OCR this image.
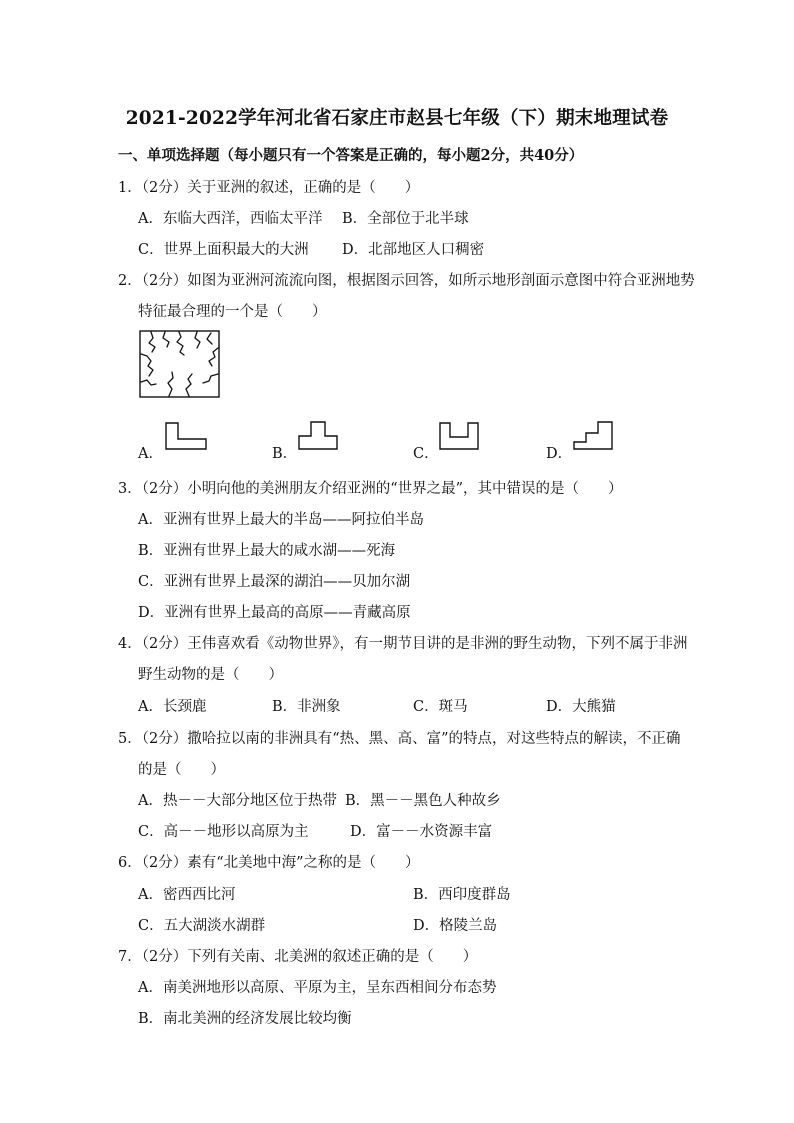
2021-2022学年河北省石家庄市赵县七年级（下）期末地理试卷
一、单项选择题（每小题只有一个答案是正确的，每小题2分，共40分）
1．（2分）关于亚洲的叙述，正确的是（　　）
A．东临大西洋，西临太平洋 B．全部位于北半球
C．世界上面积最大的大洲 D．北部地区人口稠密
2．（2分）如图为亚洲河流流向图，根据图示回答，如所示地形剖面示意图中符合亚洲地势
特征最合理的一个是（　　）
A．	B．	C．	D．
3．（2分）小明向他的美洲朋友介绍亚洲的“世界之最”，其中错误的是（　　）
A．亚洲有世界上最大的半岛——阿拉伯半岛
B．亚洲有世界上最大的咸水湖——死海
C．亚洲有世界上最深的湖泊——贝加尔湖
D．亚洲有世界上最高的高原——青藏高原
4．（2分）王伟喜欢看《动物世界》，有一期节目讲的是非洲的野生动物，下列不属于非洲
野生动物的是（　　）
A．长颈鹿	B．非洲象	C．斑马	D．大熊猫
5．（2分）撒哈拉以南的非洲具有“热、黑、高、富”的特点，对这些特点的解读，不正确
的是（　　）
A．热－－大部分地区位于热带 B．黑－－黑色人种故乡
C．高－－地形以高原为主	D．富－－水资源丰富
6．（2分）素有“北美地中海”之称的是（　　）
A．密西西比河	B．西印度群岛
C．五大湖淡水湖群	D．格陵兰岛
7．（2分）下列有关南、北美洲的叙述正确的是（　　）
A．南美洲地形以高原、平原为主，呈东西相间分布态势
B．南北美洲的经济发展比较均衡
